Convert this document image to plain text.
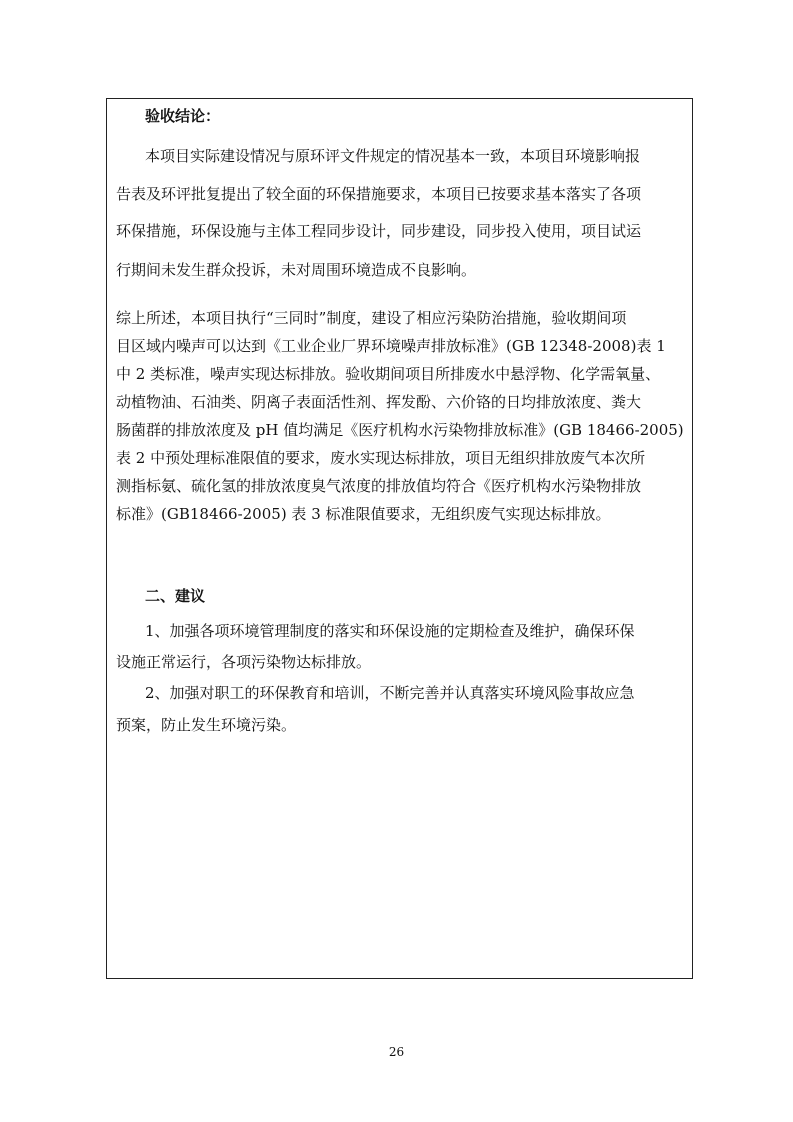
验收结论：
本项目实际建设情况与原环评文件规定的情况基本一致，本项目环境影响报
告表及环评批复提出了较全面的环保措施要求，本项目已按要求基本落实了各项
环保措施，环保设施与主体工程同步设计，同步建设，同步投入使用，项目试运
行期间未发生群众投诉，未对周围环境造成不良影响。
综上所述，本项目执行“三同时”制度，建设了相应污染防治措施，验收期间项
目区域内噪声可以达到《工业企业厂界环境噪声排放标准》(GB 12348-2008)表 1
中 2 类标准，噪声实现达标排放。验收期间项目所排废水中悬浮物、化学需氧量、
动植物油、石油类、阴离子表面活性剂、挥发酚、六价铬的日均排放浓度、粪大
肠菌群的排放浓度及 pH 值均满足《医疗机构水污染物排放标准》(GB 18466-2005)
表 2 中预处理标准限值的要求，废水实现达标排放，项目无组织排放废气本次所
测指标氨、硫化氢的排放浓度臭气浓度的排放值均符合《医疗机构水污染物排放
标准》(GB18466-2005) 表 3 标准限值要求，无组织废气实现达标排放。
二、建议
1、加强各项环境管理制度的落实和环保设施的定期检查及维护，确保环保
设施正常运行，各项污染物达标排放。
2、加强对职工的环保教育和培训，不断完善并认真落实环境风险事故应急
预案，防止发生环境污染。
26
